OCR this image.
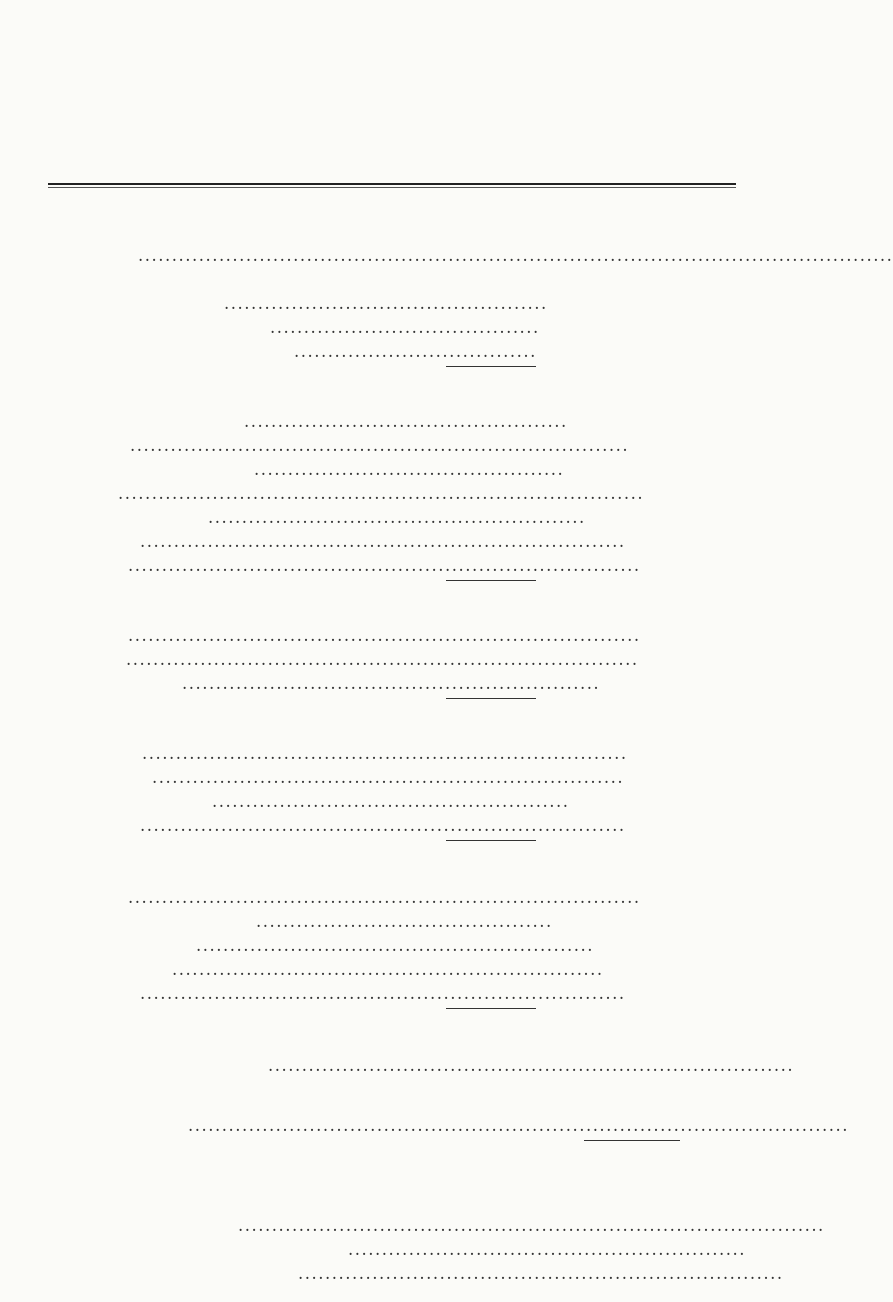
................................................................................................................
................................................
........................................
....................................
................................................
..........................................................................
..............................................
..............................................................................
........................................................
........................................................................
............................................................................
............................................................................
............................................................................
..............................................................
........................................................................
......................................................................
.....................................................
........................................................................
............................................................................
............................................
...........................................................
................................................................
........................................................................
..............................................................................
..................................................................................................
.......................................................................................
...........................................................
........................................................................
